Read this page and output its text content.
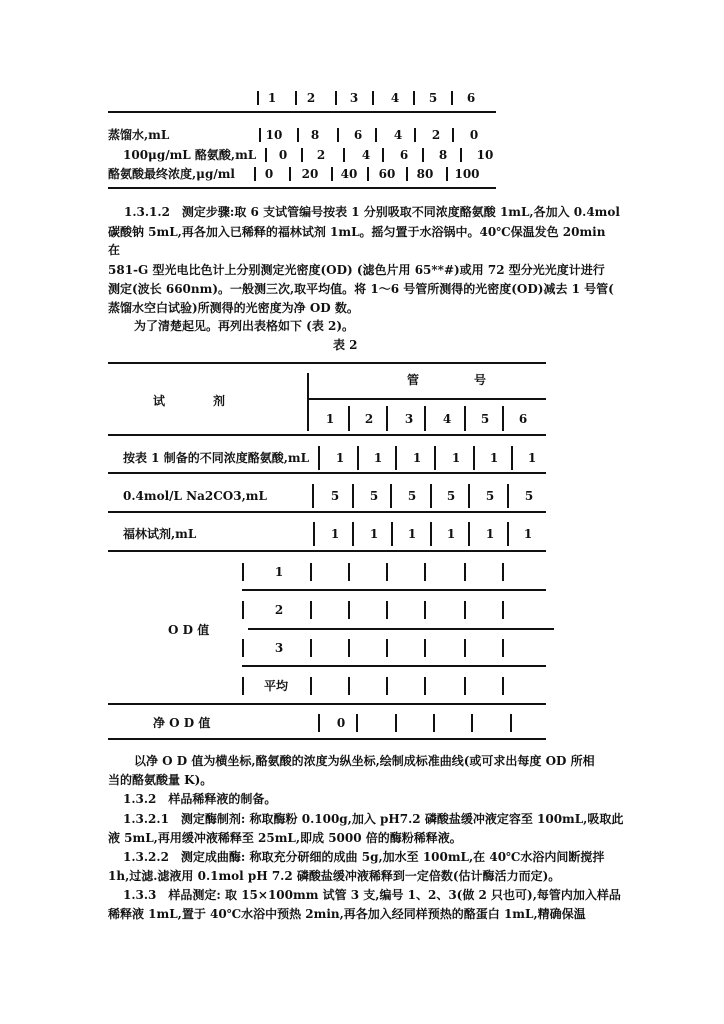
1	2	3	4 5 6
蒸馏水,mL	10 8	6	4 2 0
100μg/mL 酪氨酸,mL 0 2	4 6	8 10
酪氨酸最终浓度,μg/ml 0 20 40 60 80 100
1.3.1.2　测定步骤:取 6 支试管编号按表 1 分别吸取不同浓度酪氨酸 1mL,各加入 0.4mol
碳酸钠 5mL,再各加入已稀释的福林试剂 1mL。摇匀置于水浴锅中。40℃保温发色 20min
在
581-G 型光电比色计上分别测定光密度(OD) (滤色片用 65**#)或用 72 型分光光度计进行
测定(波长 660nm)。一般测三次,取平均值。将 1～6 号管所测得的光密度(OD)减去 1 号管(
蒸馏水空白试验)所测得的光密度为净 OD 数。
为了清楚起见。再列出表格如下 (表 2)。
表 2
管	号
试　　　　剂
1	2	3 4 5 6
按表 1 制备的不同浓度酪氨酸,mL 1 1	1	1 1 1
0.4mol/L Na2CO3,mL	5	5 5	5	5	5
福林试剂,mL	1	1 1	1	1 1
O D 值
1
2
3
平均
净 O D 值	0
以净 O D 值为横坐标,酪氨酸的浓度为纵坐标,绘制成标准曲线(或可求出每度 OD 所相
当的酪氨酸量 K)。
1.3.2　样品稀释液的制备。
1.3.2.1　测定酶制剂: 称取酶粉 0.100g,加入 pH7.2 磷酸盐缓冲液定容至 100mL,吸取此
液 5mL,再用缓冲液稀释至 25mL,即成 5000 倍的酶粉稀释液。
1.3.2.2　测定成曲酶: 称取充分研细的成曲 5g,加水至 100mL,在 40℃水浴内间断搅拌
1h,过滤.滤液用 0.1mol pH 7.2 磷酸盐缓冲液稀释到一定倍数(估计酶活力而定)。
1.3.3　样品测定: 取 15×100mm 试管 3 支,编号 1、2、3(做 2 只也可),每管内加入样品
稀释液 1mL,置于 40℃水浴中预热 2min,再各加入经同样预热的酪蛋白 1mL,精确保温
